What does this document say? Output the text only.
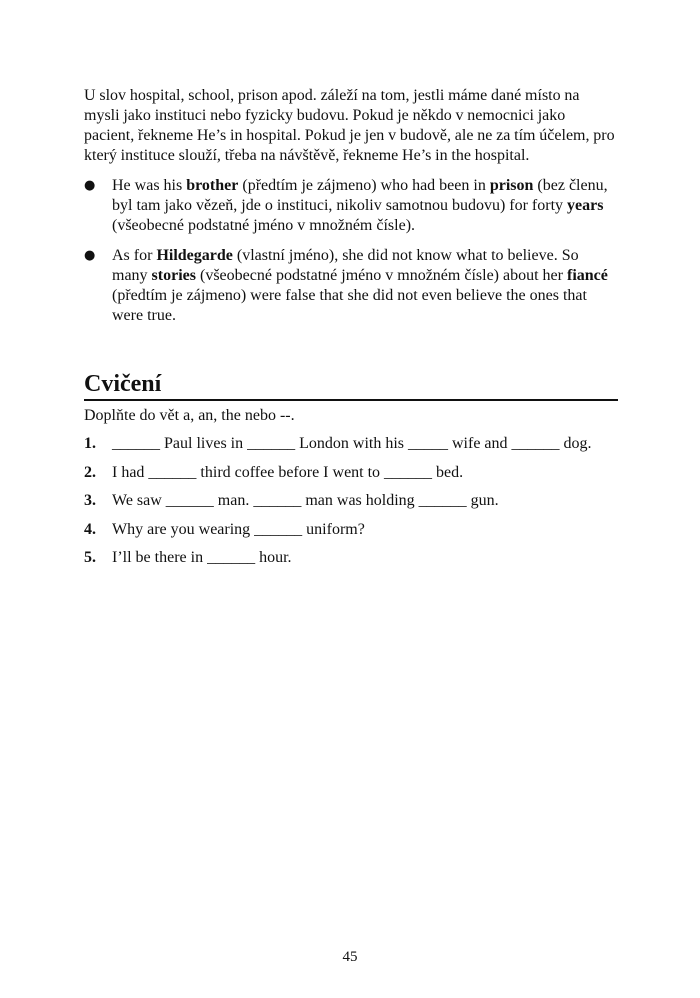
U slov hospital, school, prison apod. záleží na tom, jestli máme dané místo na mysli jako instituci nebo fyzicky budovu. Pokud je někdo v nemocnici jako pacient, řekneme He’s in hospital. Pokud je jen v budově, ale ne za tím účelem, pro který instituce slouží, třeba na návštěvě, řekneme He’s in the hospital.

● He was his brother (předtím je zájmeno) who had been in prison (bez členu, byl tam jako vězeň, jde o instituci, nikoliv samotnou budovu) for forty years (všeobecné podstatné jméno v množném čísle).
● As for Hildegarde (vlastní jméno), she did not know what to believe. So many stories (všeobecné podstatné jméno v množném čísle) about her fiancé (předtím je zájmeno) were false that she did not even believe the ones that were true.
Cvičení

Doplňte do vět a, an, the nebo --.

1. ______ Paul lives in ______ London with his _____ wife and ______ dog.
2. I had ______ third coffee before I went to ______ bed.
3. We saw ______ man. ______ man was holding ______ gun.
4. Why are you wearing ______ uniform?
5. I’ll be there in ______ hour.
45
